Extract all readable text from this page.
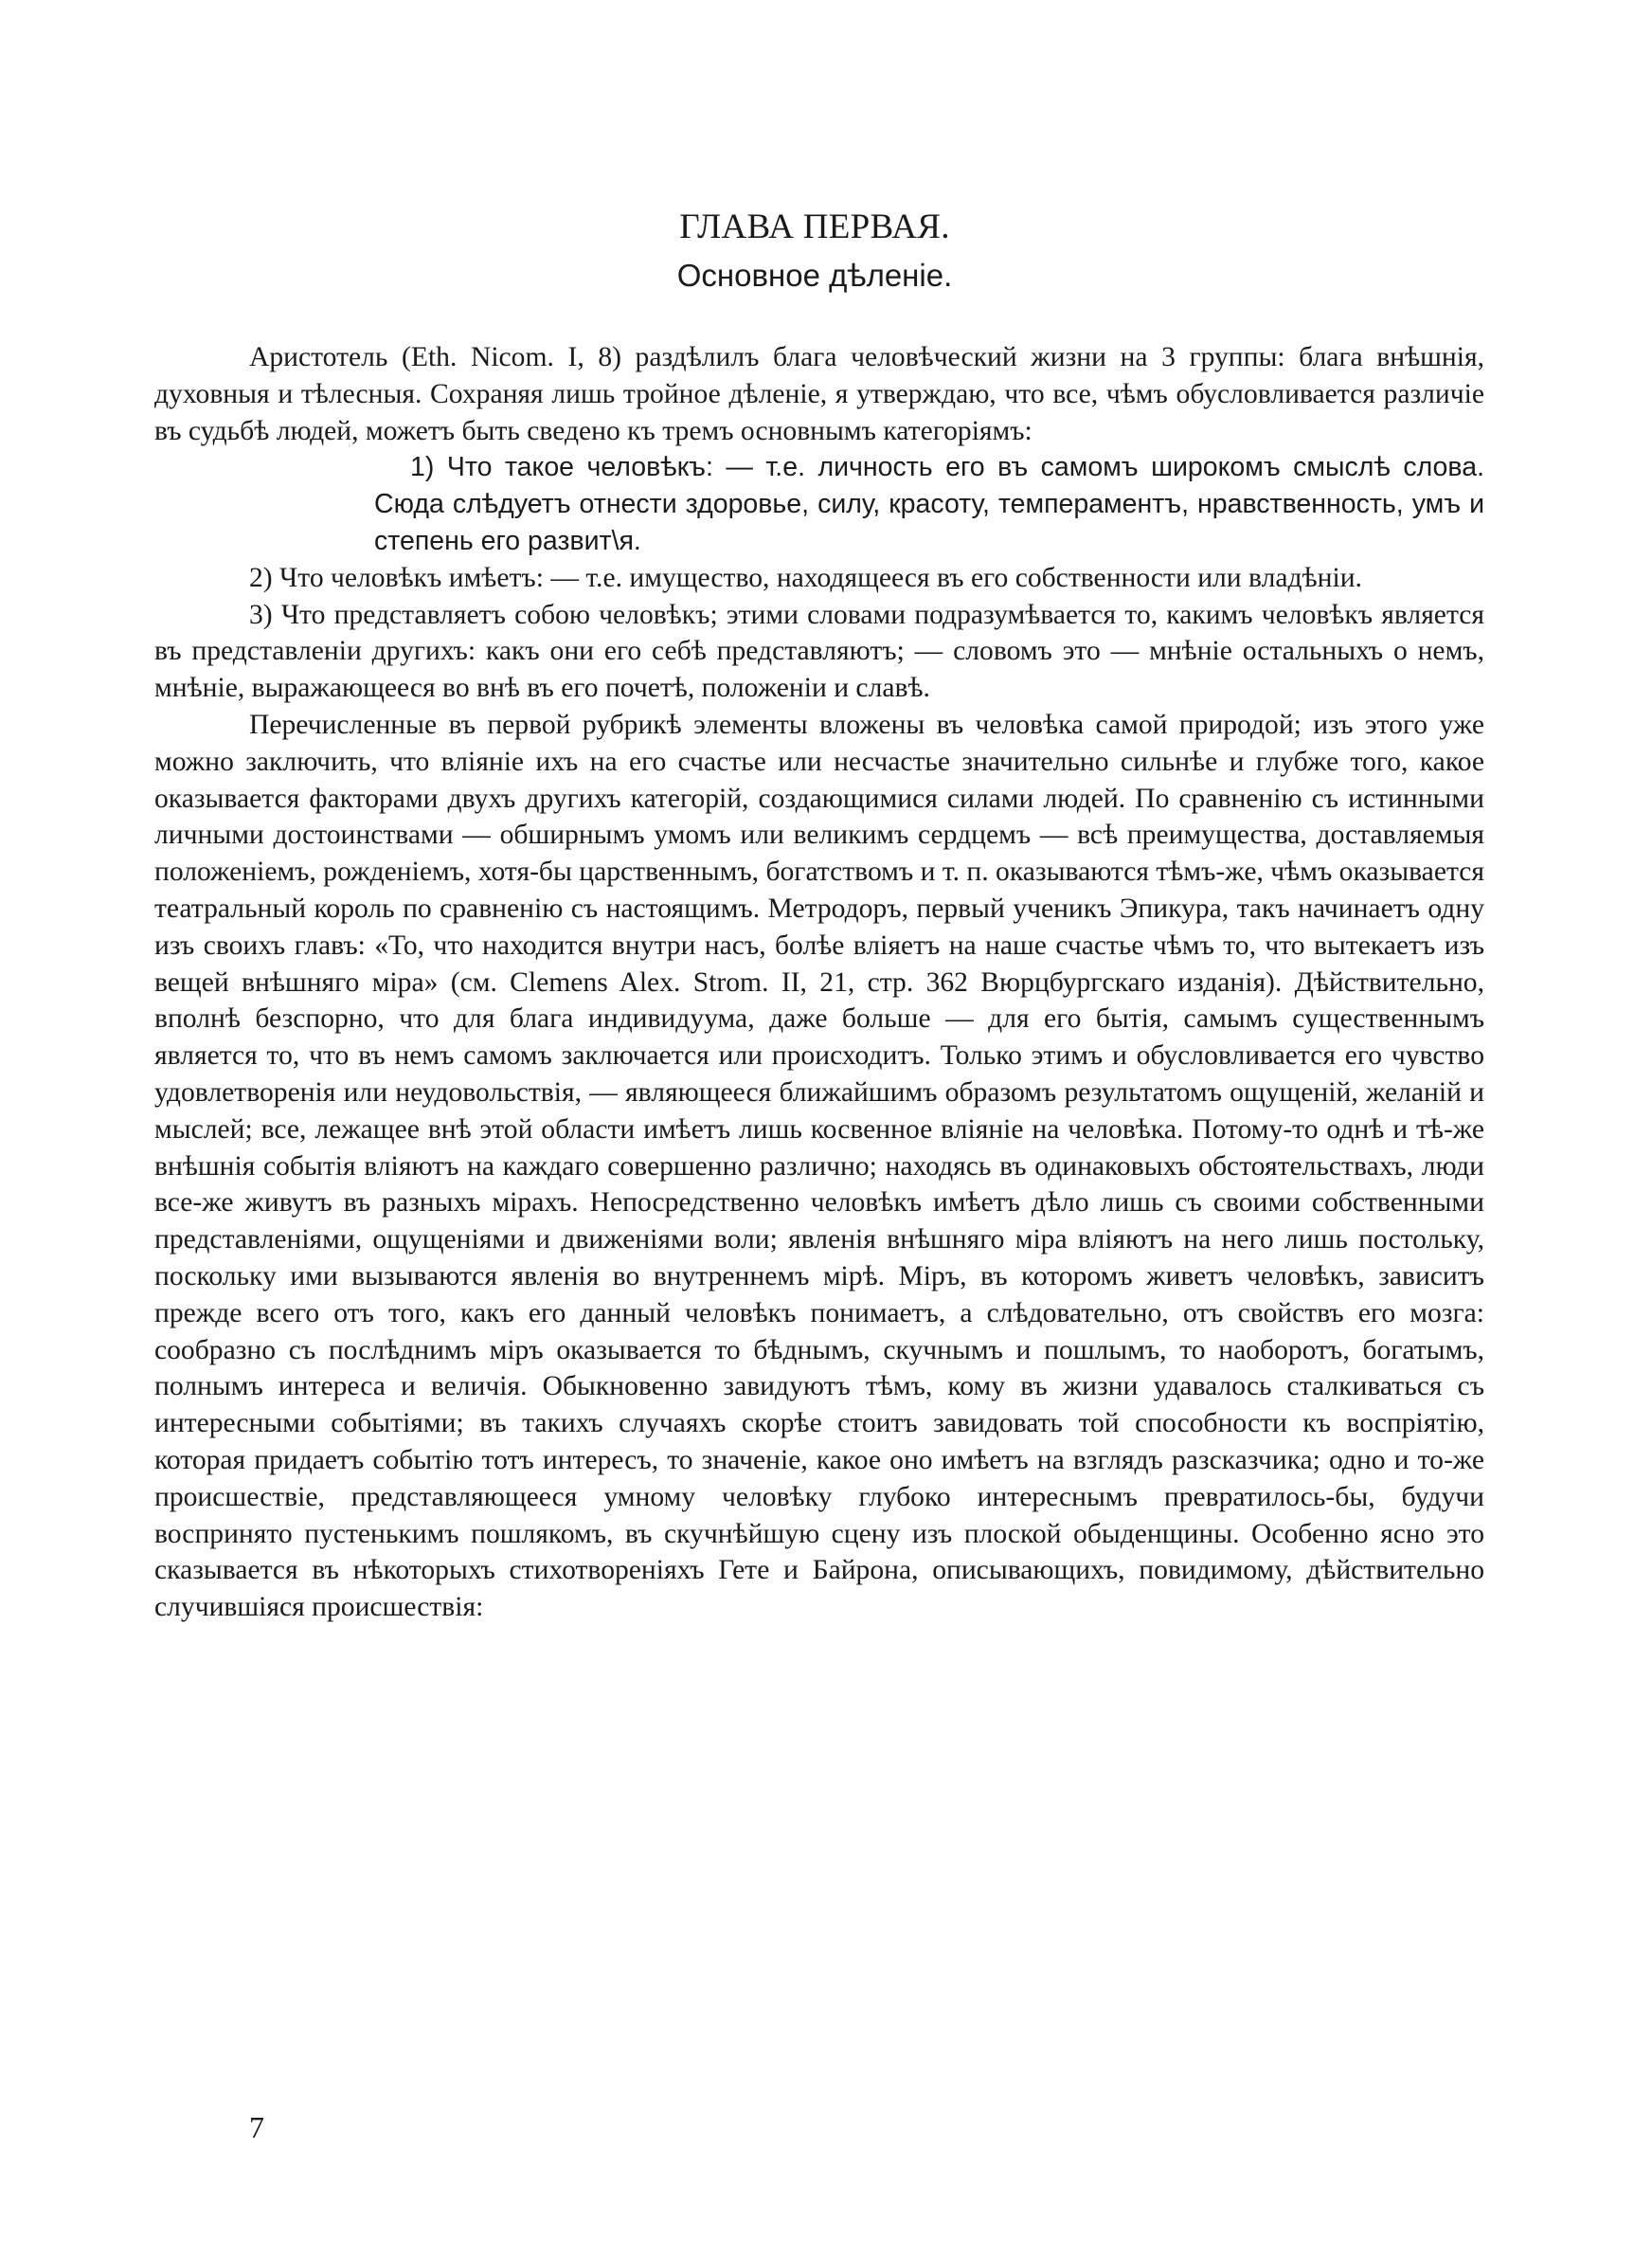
ГЛАВА ПЕРВАЯ.
Основное дѣленіе.

Аристотель (Eth. Nicom. I, 8) раздѣлилъ блага человѣческий жизни на 3 группы: блага внѣшнія, духовныя и тѣлесныя. Сохраняя лишь тройное дѣленіе, я утверждаю, что все, чѣмъ обусловливается различіе въ судьбѣ людей, можетъ быть сведено къ тремъ основнымъ категоріямъ:

1) Что такое человѣкъ: — т.е. личность его въ самомъ широкомъ смыслѣ слова. Сюда слѣдуетъ отнести здоровье, силу, красоту, темпераментъ, нравственность, умъ и степень его развит\я.

2) Что человѣкъ имѣетъ: — т.е. имущество, находящееся въ его собственности или владѣніи.

3) Что представляетъ собою человѣкъ; этими словами подразумѣвается то, какимъ человѣкъ является въ представленіи другихъ: какъ они его себѣ представляютъ; — словомъ это — мнѣніе остальныхъ о немъ, мнѣніе, выражающееся во внѣ въ его почетѣ, положеніи и славѣ.

Перечисленные въ первой рубрикѣ элементы вложены въ человѣка самой природой; изъ этого уже можно заключить, что вліяніе ихъ на его счастье или несчастье значительно сильнѣе и глубже того, какое оказывается факторами двухъ другихъ категорій, создающимися силами людей. По сравненію съ истинными личными достоинствами — обширнымъ умомъ или великимъ сердцемъ — всѣ преимущества, доставляемыя положеніемъ, рожденіемъ, хотя-бы царственнымъ, богатствомъ и т. п. оказываются тѣмъ-же, чѣмъ оказывается театральный король по сравненію съ настоящимъ. Метродоръ, первый ученикъ Эпикура, такъ начинаетъ одну изъ своихъ главъ: «То, что находится внутри насъ, болѣе вліяетъ на наше счастье чѣмъ то, что вытекаетъ изъ вещей внѣшняго міра» (см. Clemens Alex. Strom. II, 21, стр. 362 Вюрцбургскаго изданія). Дѣйствительно, вполнѣ безспорно, что для блага индивидуума, даже больше — для его бытія, самымъ существеннымъ является то, что въ немъ самомъ заключается или происходитъ. Только этимъ и обусловливается его чувство удовлетворенія или неудовольствія, — являющееся ближайшимъ образомъ результатомъ ощущеній, желаній и мыслей; все, лежащее внѣ этой области имѣетъ лишь косвенное вліяніе на человѣка. Потому-то однѣ и тѣ-же внѣшнія событія вліяютъ на каждаго совершенно различно; находясь въ одинаковыхъ обстоятельствахъ, люди все-же живутъ въ разныхъ мірахъ. Непосредственно человѣкъ имѣетъ дѣло лишь съ своими собственными представленіями, ощущеніями и движеніями воли; явленія внѣшняго міра вліяютъ на него лишь постольку, поскольку ими вызываются явленія во внутреннемъ мірѣ. Міръ, въ которомъ живетъ человѣкъ, зависитъ прежде всего отъ того, какъ его данный человѣкъ понимаетъ, а слѣдовательно, отъ свойствъ его мозга: сообразно съ послѣднимъ міръ оказывается то бѣднымъ, скучнымъ и пошлымъ, то наоборотъ, богатымъ, полнымъ интереса и величія. Обыкновенно завидуютъ тѣмъ, кому въ жизни удавалось сталкиваться съ интересными событіями; въ такихъ случаяхъ скорѣе стоитъ завидовать той способности къ воспріятію, которая придаетъ событію тотъ интересъ, то значеніе, какое оно имѣетъ на взглядъ разсказчика; одно и то-же происшествіе, представляющееся умному человѣку глубоко интереснымъ превратилось-бы, будучи воспринято пустенькимъ пошлякомъ, въ скучнѣйшую сцену изъ плоской обыденщины. Особенно ясно это сказывается въ нѣкоторыхъ стихотвореніяхъ Гете и Байрона, описывающихъ, повидимому, дѣйствительно случившіяся происшествія:

7
